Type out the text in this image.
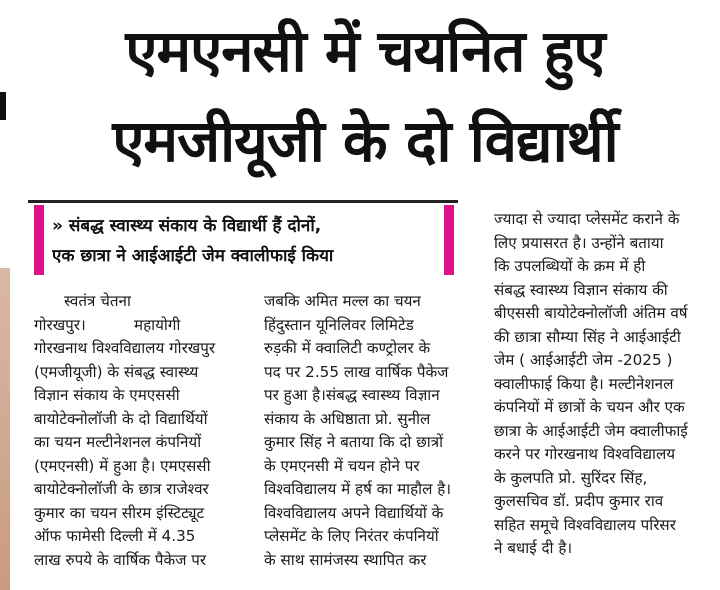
एमएनसी में चयनित हुए
एमजीयूजी के दो विद्यार्थी
» संबद्ध स्वास्थ्य संकाय के विद्यार्थी हैं दोनों,
एक छात्रा ने आईआईटी जेम क्वालीफाई किया
स्वतंत्र चेतना
गोरखपुर।          महायोगी
गोरखनाथ विश्वविद्यालय गोरखपुर
(एमजीयूजी) के संबद्ध स्वास्थ्य
विज्ञान संकाय के एमएससी
बायोटेक्नोलॉजी के दो विद्यार्थियों
का चयन मल्टीनेशनल कंपनियों
(एमएनसी) में हुआ है। एमएससी
बायोटेक्नोलॉजी के छात्र राजेश्वर
कुमार का चयन सीरम इंस्टिट्यूट
ऑफ फामेसी दिल्ली में 4.35
लाख रुपये के वार्षिक पैकेज पर
जबकि अमित मल्ल का चयन
हिंदुस्तान यूनिलिवर लिमिटेड
रुड़की में क्वालिटी कण्ट्रोलर के
पद पर 2.55 लाख वार्षिक पैकेज
पर हुआ है।संबद्ध स्वास्थ्य विज्ञान
संकाय के अधिष्ठाता प्रो. सुनील
कुमार सिंह ने बताया कि दो छात्रों
के एमएनसी में चयन होने पर
विश्वविद्यालय में हर्ष का माहौल है।
विश्वविद्यालय अपने विद्यार्थियों के
प्लेसमेंट के लिए निरंतर कंपनियों
के साथ सामंजस्य स्थापित कर
ज्यादा से ज्यादा प्लेसमेंट कराने के
लिए प्रयासरत है। उन्होंने बताया
कि उपलब्धियों के क्रम में ही
संबद्ध स्वास्थ्य विज्ञान संकाय की
बीएससी बायोटेक्नोलॉजी अंतिम वर्ष
की छात्रा सौम्या सिंह ने आईआईटी
जेम ( आईआईटी जेम -2025 )
क्वालीफाई किया है। मल्टीनेशनल
कंपनियों में छात्रों के चयन और एक
छात्रा के आईआईटी जेम क्वालीफाई
करने पर गोरखनाथ विश्वविद्यालय
के कुलपति प्रो. सुरिंदर सिंह,
कुलसचिव डॉ. प्रदीप कुमार राव
सहित समूचे विश्वविद्यालय परिसर
ने बधाई दी है।
